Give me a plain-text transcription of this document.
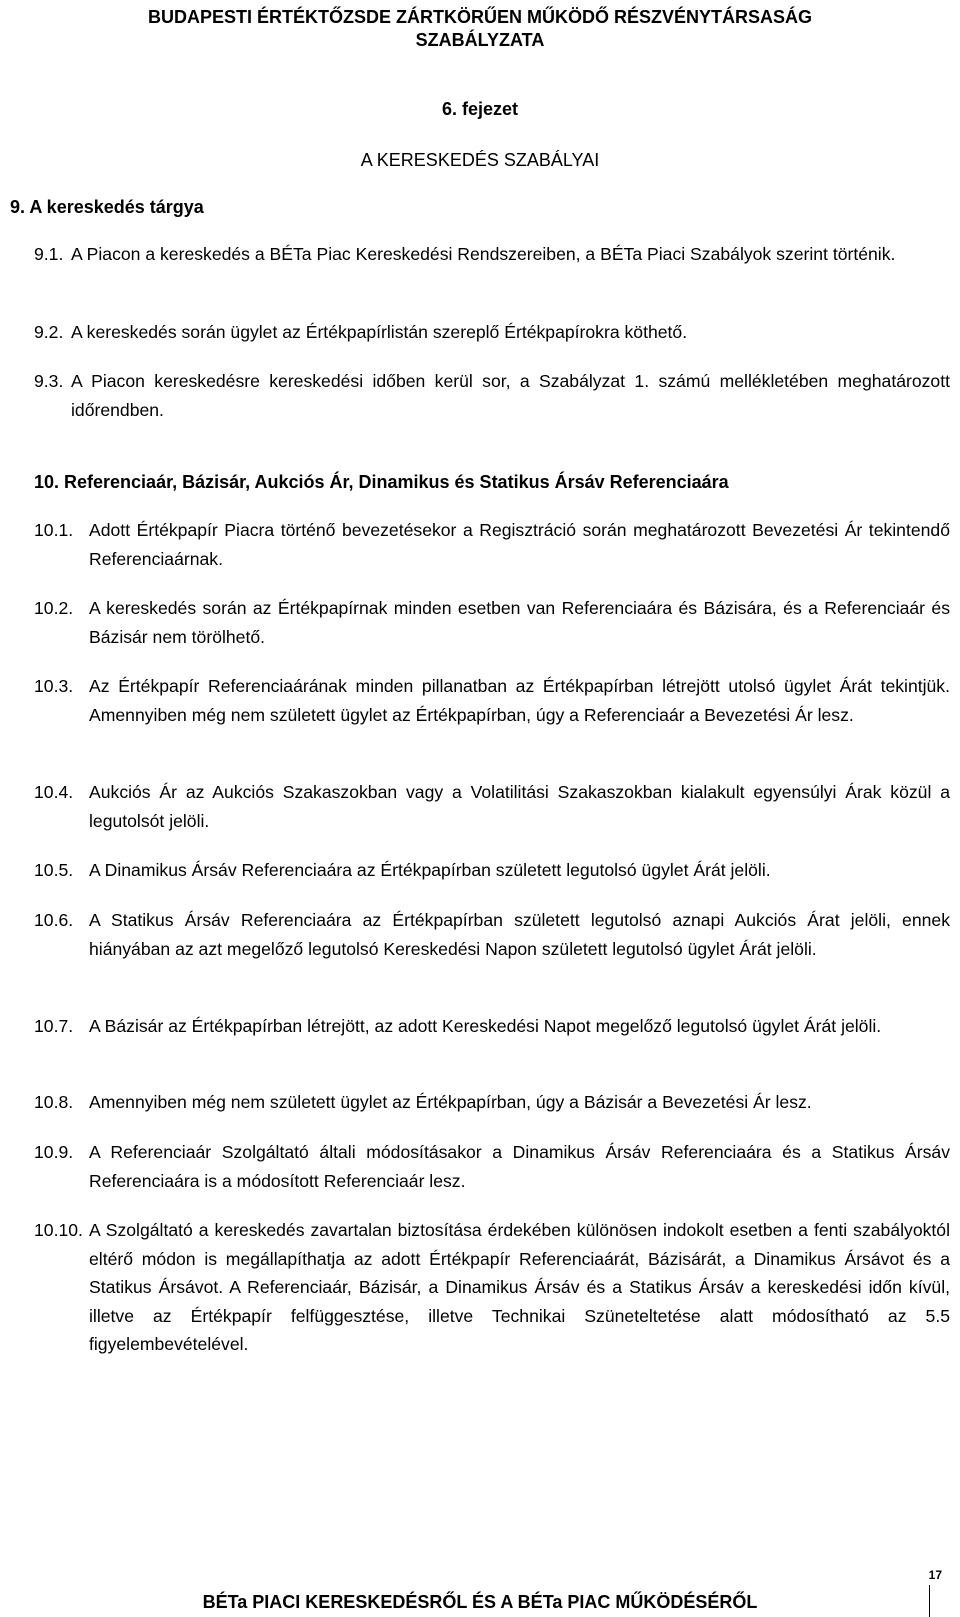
BUDAPESTI ÉRTÉKTŐZSDE ZÁRTKÖRŰEN MŰKÖDŐ RÉSZVÉNYTÁRSASÁG
SZABÁLYZATA
6. fejezet
A KERESKEDÉS SZABÁLYAI
9. A kereskedés tárgya
9.1. A Piacon a kereskedés a BÉTa Piac Kereskedési Rendszereiben, a BÉTa Piaci Szabályok szerint történik.
9.2. A kereskedés során ügylet az Értékpapírlistán szereplő Értékpapírokra köthető.
9.3. A Piacon kereskedésre kereskedési időben kerül sor, a Szabályzat 1. számú mellékletében meghatározott időrendben.
10. Referenciaár, Bázisár, Aukciós Ár, Dinamikus és Statikus Ársáv Referenciaára
10.1. Adott Értékpapír Piacra történő bevezetésekor a Regisztráció során meghatározott Bevezetési Ár tekintendő Referenciaárnak.
10.2. A kereskedés során az Értékpapírnak minden esetben van Referenciaára és Bázisára, és a Referenciaár és Bázisár nem törölhető.
10.3. Az Értékpapír Referenciaárának minden pillanatban az Értékpapírban létrejött utolsó ügylet Árát tekintjük. Amennyiben még nem született ügylet az Értékpapírban, úgy a Referenciaár a Bevezetési Ár lesz.
10.4. Aukciós Ár az Aukciós Szakaszokban vagy a Volatilitási Szakaszokban kialakult egyensúlyi Árak közül a legutolsót jelöli.
10.5. A Dinamikus Ársáv Referenciaára az Értékpapírban született legutolsó ügylet Árát jelöli.
10.6. A Statikus Ársáv Referenciaára az Értékpapírban született legutolsó aznapi Aukciós Árat jelöli, ennek hiányában az azt megelőző legutolsó Kereskedési Napon született legutolsó ügylet Árát jelöli.
10.7. A Bázisár az Értékpapírban létrejött, az adott Kereskedési Napot megelőző legutolsó ügylet Árát jelöli.
10.8. Amennyiben még nem született ügylet az Értékpapírban, úgy a Bázisár a Bevezetési Ár lesz.
10.9. A Referenciaár Szolgáltató általi módosításakor a Dinamikus Ársáv Referenciaára és a Statikus Ársáv Referenciaára is a módosított Referenciaár lesz.
10.10. A Szolgáltató a kereskedés zavartalan biztosítása érdekében különösen indokolt esetben a fenti szabályoktól eltérő módon is megállapíthatja az adott Értékpapír Referenciaárát, Bázisárát, a Dinamikus Ársávot és a Statikus Ársávot. A Referenciaár, Bázisár, a Dinamikus Ársáv és a Statikus Ársáv a kereskedési időn kívül, illetve az Értékpapír felfüggesztése, illetve Technikai Szüneteltetése alatt módosítható az 5.5 figyelembevételével.
BÉTa PIACI KERESKEDÉSRŐL ÉS A BÉTa PIAC MŰKÖDÉSÉRŐL
17
